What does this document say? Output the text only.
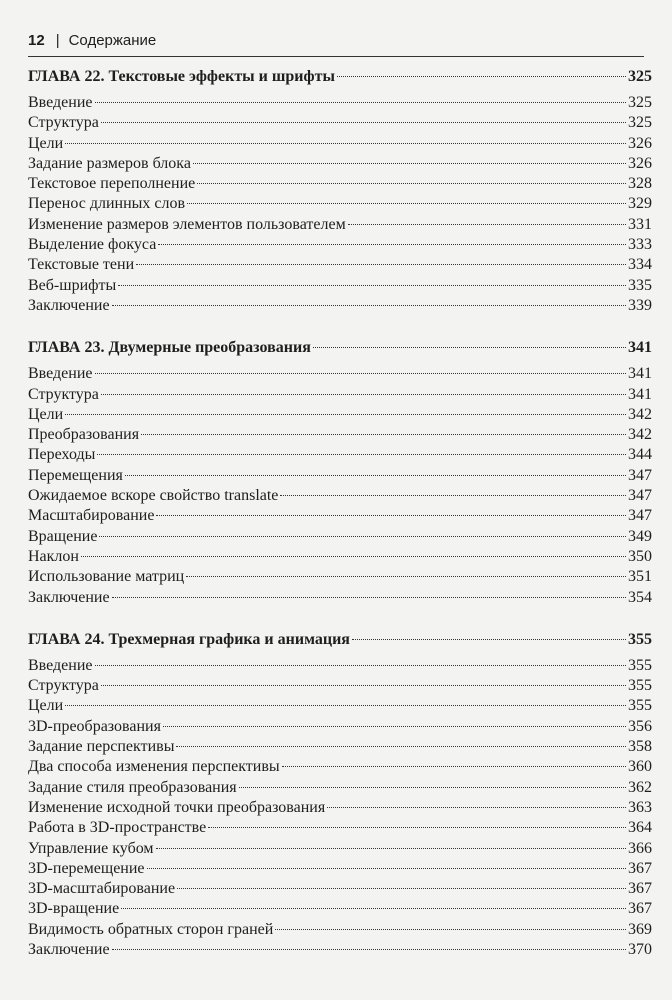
12 | Содержание
ГЛАВА 22. Текстовые эффекты и шрифты	325
Введение	325
Структура	325
Цели	326
Задание размеров блока	326
Текстовое переполнение	328
Перенос длинных слов	329
Изменение размеров элементов пользователем	331
Выделение фокуса	333
Текстовые тени	334
Веб-шрифты	335
Заключение	339
ГЛАВА 23. Двумерные преобразования	341
Введение	341
Структура	341
Цели	342
Преобразования	342
Переходы	344
Перемещения	347
Ожидаемое вскоре свойство translate	347
Масштабирование	347
Вращение	349
Наклон	350
Использование матриц	351
Заключение	354
ГЛАВА 24. Трехмерная графика и анимация	355
Введение	355
Структура	355
Цели	355
3D-преобразования	356
Задание перспективы	358
Два способа изменения перспективы	360
Задание стиля преобразования	362
Изменение исходной точки преобразования	363
Работа в 3D-пространстве	364
Управление кубом	366
3D-перемещение	367
3D-масштабирование	367
3D-вращение	367
Видимость обратных сторон граней	369
Заключение	370
